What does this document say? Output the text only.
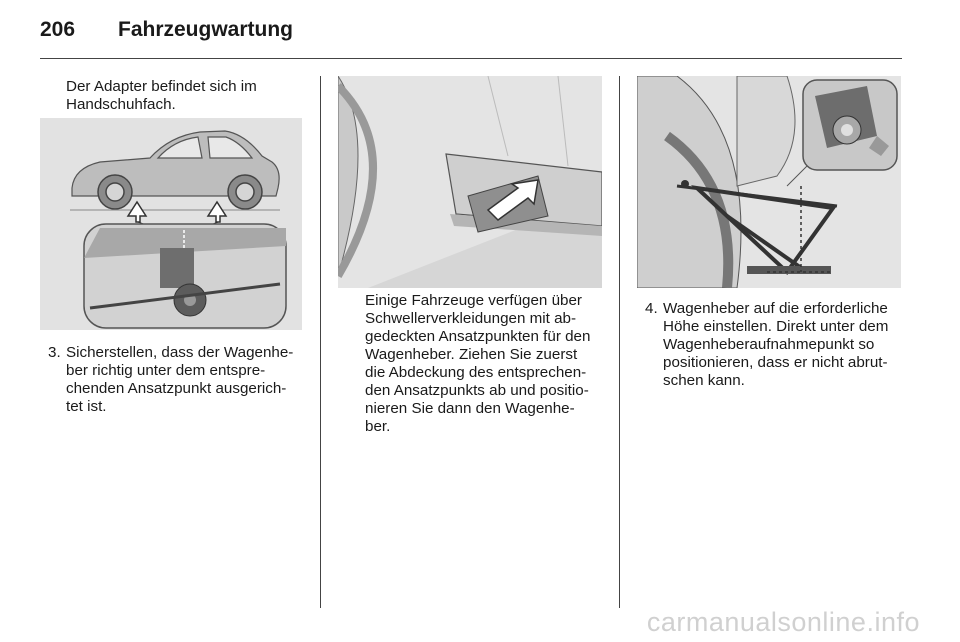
206 Fahrzeugwartung
Der Adapter befindet sich im
Handschuhfach.
3. Sicherstellen, dass der Wagenhe-
ber richtig unter dem entspre-
chenden Ansatzpunkt ausgerich-
tet ist.
Einige Fahrzeuge verfügen über
Schwellerverkleidungen mit ab-
gedeckten Ansatzpunkten für den
Wagenheber. Ziehen Sie zuerst
die Abdeckung des entsprechen-
den Ansatzpunkts ab und positio-
nieren Sie dann den Wagenhe-
ber.
4. Wagenheber auf die erforderliche
Höhe einstellen. Direkt unter dem
Wagenheberaufnahmepunkt so
positionieren, dass er nicht abrut-
schen kann.
carmanualsonline.info
